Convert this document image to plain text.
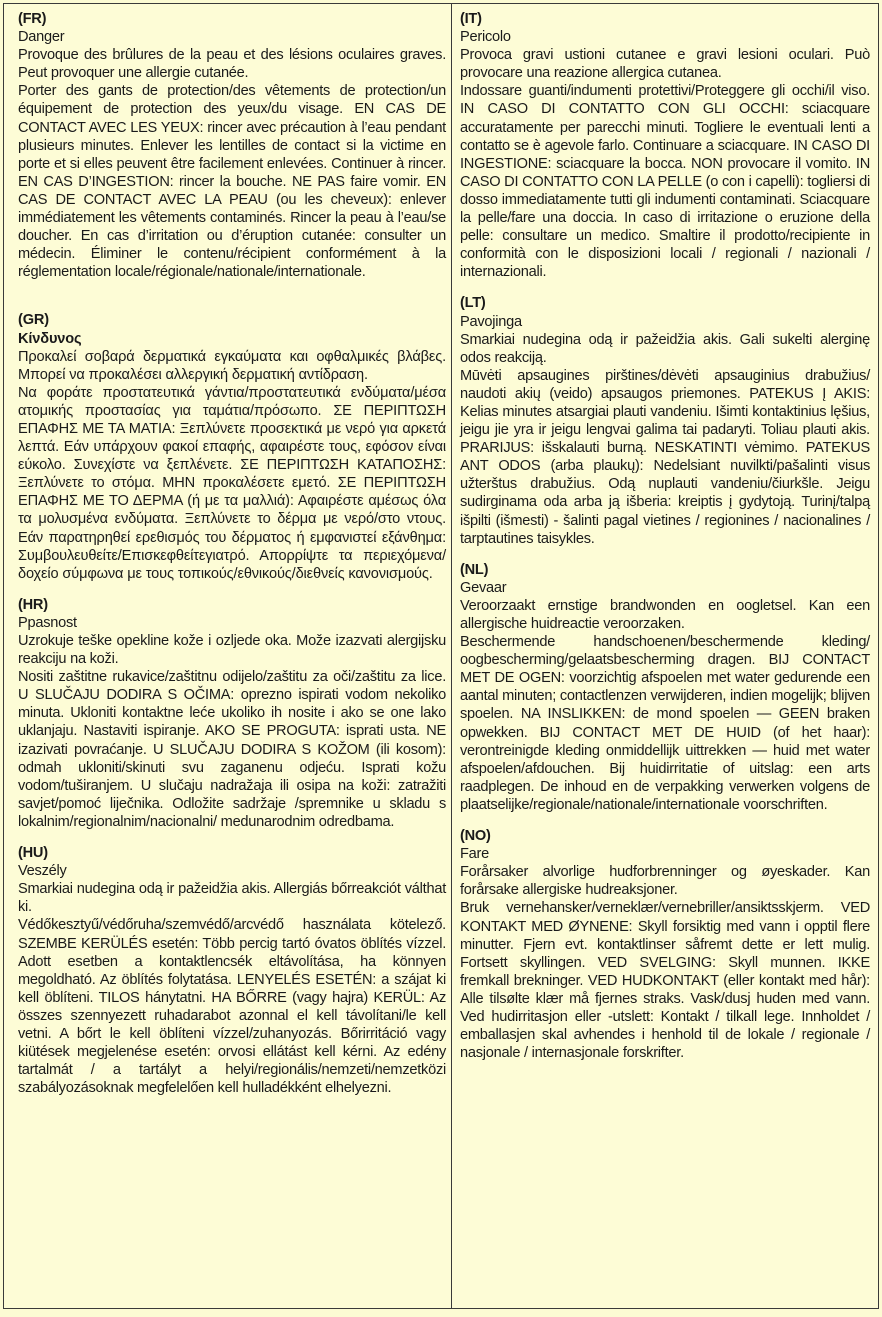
(FR)
Danger
Provoque des brûlures de la peau et des lésions oculaires graves. Peut provoquer une allergie cutanée.
Porter des gants de protection/des vêtements de protection/un équipement de protection des yeux/du visage. EN CAS DE CONTACT AVEC LES YEUX: rincer avec précaution à l’eau pendant plusieurs minutes. Enlever les lentilles de contact si la victime en porte et si elles peuvent être facilement enlevées. Continuer à rincer. EN CAS D’INGESTION: rincer la bouche. NE PAS faire vomir. EN CAS DE CONTACT AVEC LA PEAU (ou les cheveux): enlever immédiatement les vêtements contaminés. Rincer la peau à l’eau/se doucher. En cas d’irritation ou d’éruption cutanée: consulter un médecin. Éliminer le contenu/récipient conformément à la réglementation locale/régionale/nationale/internationale.
(GR)
Κίνδυνος
Προκαλεί σοβαρά δερματικά εγκαύματα και οφθαλμικές βλάβες. Μπορεί να προκαλέσει αλλεργική δερματική αντίδραση.
Να φοράτε προστατευτικά γάντια/προστατευτικά ενδύματα/μέσα ατομικής προστασίας για ταμάτια/πρόσωπο. ΣΕ ΠΕΡΙΠΤΩΣΗ ΕΠΑΦΗΣ ΜΕ ΤΑ ΜΑΤΙΑ: Ξεπλύνετε προσεκτικά με νερό για αρκετά λεπτά. Εάν υπάρχουν φακοί επαφής, αφαιρέστε τους, εφόσον είναι εύκολο. Συνεχίστε να ξεπλένετε. ΣΕ ΠΕΡΙΠΤΩΣΗ ΚΑΤΑΠΟΣΗΣ: Ξεπλύνετε το στόμα. ΜΗΝ προκαλέσετε εμετό. ΣΕ ΠΕΡΙΠΤΩΣΗ ΕΠΑΦΗΣ ΜΕ ΤΟ ΔΕΡΜΑ (ή με τα μαλλιά): Αφαιρέστε αμέσως όλα τα μολυσμένα ενδύματα. Ξεπλύνετε το δέρμα με νερό/στο ντους. Εάν παρατηρηθεί ερεθισμός του δέρματος ή εμφανιστεί εξάνθημα: Συμβουλευθείτε/Επισκεφθείτεγιατρό. Απορρίψτε τα περιεχόμενα/δοχείο σύμφωνα με τους τοπικούς/εθνικούς/διεθνείς κανονισμούς.
(HR)
Ppasnost
Uzrokuje teške opekline kože i ozljede oka. Može izazvati alergijsku reakciju na koži.
Nositi zaštitne rukavice/zaštitnu odijelo/zaštitu za oči/zaštitu za lice. U SLUČAJU DODIRA S OČIMA: oprezno ispirati vodom nekoliko minuta. Ukloniti kontaktne leće ukoliko ih nosite i ako se one lako uklanjaju. Nastaviti ispiranje. AKO SE PROGUTA: isprati usta. NE izazivati povraćanje. U SLUČAJU DODIRA S KOŽOM (ili kosom): odmah ukloniti/skinuti svu zaganenu odjeću. Isprati kožu vodom/tuširanjem. U slučaju nadražaja ili osipa na koži: zatražiti savjet/pomoć liječnika. Odložite sadržaje /spremnike u skladu s lokalnim/regionalnim/nacionalni/ medunarodnim odredbama.
(HU)
Veszély
Smarkiai nudegina odą ir pažeidžia akis. Allergiás bőrreakciót válthat ki.
Védőkesztyű/védőruha/szemvédő/arcvédő használata kötelező. SZEMBE KERÜLÉS esetén: Több percig tartó óvatos öblítés vízzel. Adott esetben a kontaktlencsék eltávolítása, ha könnyen megoldható. Az öblítés folytatása. LENYELÉS ESETÉN: a szájat ki kell öblíteni. TILOS hánytatni. HA BŐRRE (vagy hajra) KERÜL: Az összes szennyezett ruhadarabot azonnal el kell távolítani/le kell vetni. A bőrt le kell öblíteni vízzel/zuhanyozás. Bőrirritáció vagy kiütések megjelenése esetén: orvosi ellátást kell kérni. Az edény tartalmát / a tartályt a helyi/regionális/nemzeti/nemzetközi szabályozásoknak megfelelően kell hulladékként elhelyezni.
(IT)
Pericolo
Provoca gravi ustioni cutanee e gravi lesioni oculari. Può provocare una reazione allergica cutanea.
Indossare guanti/indumenti protettivi/Proteggere gli occhi/il viso. IN CASO DI CONTATTO CON GLI OCCHI: sciacquare accuratamente per parecchi minuti. Togliere le eventuali lenti a contatto se è agevole farlo. Continuare a sciacquare. IN CASO DI INGESTIONE: sciacquare la bocca. NON provocare il vomito. IN CASO DI CONTATTO CON LA PELLE (o con i capelli): togliersi di dosso immediatamente tutti gli indumenti contaminati. Sciacquare la pelle/fare una doccia. In caso di irritazione o eruzione della pelle: consultare un medico. Smaltire il prodotto/recipiente in conformità con le disposizioni locali / regionali / nazionali / internazionali.
(LT)
Pavojinga
Smarkiai nudegina odą ir pažeidžia akis. Gali sukelti alerginę odos reakciją.
Mūvėti apsaugines pirštines/dėvėti apsauginius drabužius/ naudoti akių (veido) apsaugos priemones. PATEKUS Į AKIS: Kelias minutes atsargiai plauti vandeniu. Išimti kontaktinius lęšius, jeigu jie yra ir jeigu lengvai galima tai padaryti. Toliau plauti akis. PRARIJUS: išskalauti burną. NESKATINTI vėmimo. PATEKUS ANT ODOS (arba plaukų): Nedelsiant nuvilkti/pašalinti visus užterštus drabužius. Odą nuplauti vandeniu/čiurkšle. Jeigu sudirginama oda arba ją išberia: kreiptis į gydytoją. Turinį/talpą išpilti (išmesti) - šalinti pagal vietines / regionines / nacionalines / tarptautines taisykles.
(NL)
Gevaar
Veroorzaakt ernstige brandwonden en oogletsel. Kan een allergische huidreactie veroorzaken.
Beschermende handschoenen/beschermende kleding/ oogbescherming/gelaatsbescherming dragen. BIJ CONTACT MET DE OGEN: voorzichtig afspoelen met water gedurende een aantal minuten; contactlenzen verwijderen, indien mogelijk; blijven spoelen. NA INSLIKKEN: de mond spoelen — GEEN braken opwekken. BIJ CONTACT MET DE HUID (of het haar): verontreinigde kleding onmiddellijk uittrekken — huid met water afspoelen/afdouchen. Bij huidirritatie of uitslag: een arts raadplegen. De inhoud en de verpakking verwerken volgens de plaatselijke/regionale/nationale/internationale voorschriften.
(NO)
Fare
Forårsaker alvorlige hudforbrenninger og øyeskader. Kan forårsake allergiske hudreaksjoner.
Bruk vernehansker/verneklær/vernebriller/ansiktsskjerm. VED KONTAKT MED ØYNENE: Skyll forsiktig med vann i opptil flere minutter. Fjern evt. kontaktlinser såfremt dette er lett mulig. Fortsett skyllingen. VED SVELGING: Skyll munnen. IKKE fremkall brekninger. VED HUDKONTAKT (eller kontakt med hår): Alle tilsølte klær må fjernes straks. Vask/dusj huden med vann. Ved hudirritasjon eller -utslett: Kontakt / tilkall lege. Innholdet / emballasjen skal avhendes i henhold til de lokale / regionale / nasjonale / internasjonale forskrifter.
